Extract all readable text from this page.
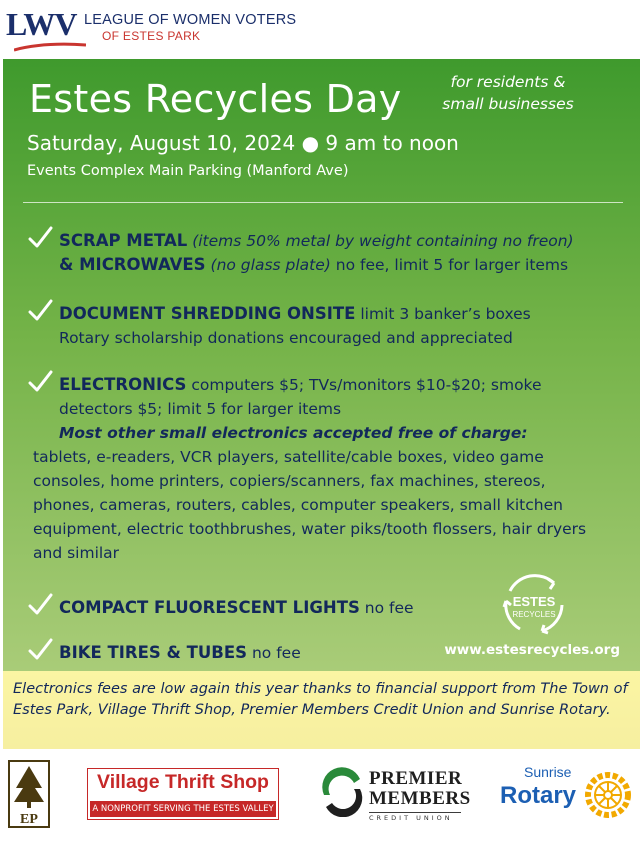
LWV LEAGUE OF WOMEN VOTERS
OF ESTES PARK
Estes Recycles Day	for residents &
small businesses
Saturday, August 10, 2024 ● 9 am to noon
Events Complex Main Parking (Manford Ave)
SCRAP METAL (items 50% metal by weight containing no freon)
& MICROWAVES (no glass plate) no fee, limit 5 for larger items
DOCUMENT SHREDDING ONSITE limit 3 banker’s boxes
Rotary scholarship donations encouraged and appreciated
ELECTRONICS computers $5; TVs/monitors $10-$20; smoke detectors $5; limit 5 for larger items
Most other small electronics accepted free of charge:
tablets, e-readers, VCR players, satellite/cable boxes, video game consoles, home printers, copiers/scanners, fax machines, stereos, phones, cameras, routers, cables, computer speakers, small kitchen equipment, electric toothbrushes, water piks/tooth flossers, hair dryers and similar
COMPACT FLUORESCENT LIGHTS no fee
BIKE TIRES & TUBES no fee
ESTES
RECYCLES
www.estesrecycles.org
Electronics fees are low again this year thanks to financial support from The Town of Estes Park, Village Thrift Shop, Premier Members Credit Union and Sunrise Rotary.
EP
Village Thrift Shop
A NONPROFIT SERVING THE ESTES VALLEY
PREMIER
MEMBERS
CREDIT UNION
Sunrise
Rotary
